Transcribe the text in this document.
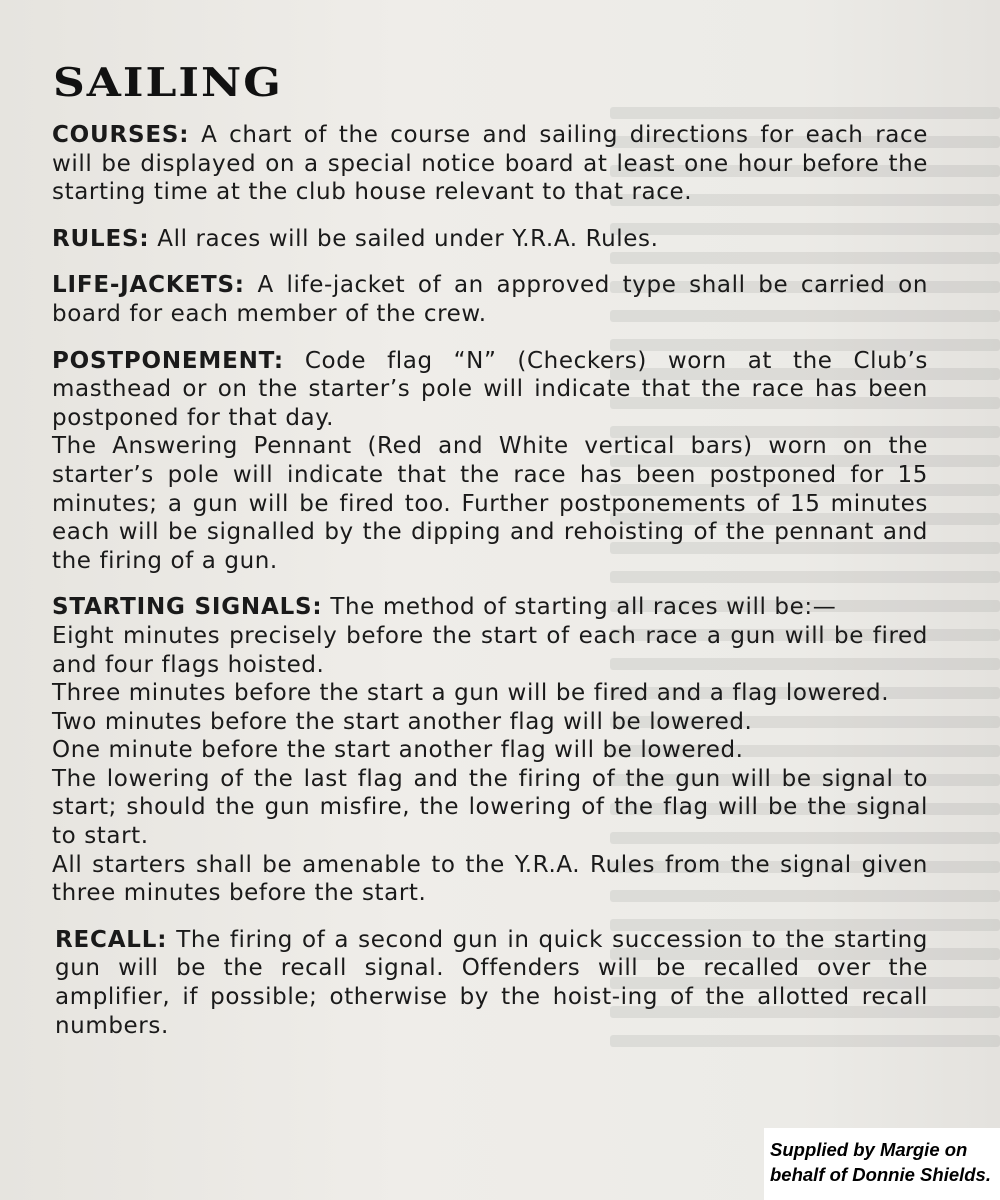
SAILING

COURSES: A chart of the course and sailing directions for each race will be displayed on a special notice board at least one hour before the starting time at the club house relevant to that race.

RULES: All races will be sailed under Y.R.A. Rules.

LIFE-JACKETS: A life-jacket of an approved type shall be carried on board for each member of the crew.

POSTPONEMENT: Code flag “N” (Checkers) worn at the Club’s masthead or on the starter’s pole will indicate that the race has been postponed for that day.

The Answering Pennant (Red and White vertical bars) worn on the starter’s pole will indicate that the race has been postponed for 15 minutes; a gun will be fired too. Further postponements of 15 minutes each will be signalled by the dipping and rehoisting of the pennant and the firing of a gun.

STARTING SIGNALS: The method of starting all races will be:—

Eight minutes precisely before the start of each race a gun will be fired and four flags hoisted.

Three minutes before the start a gun will be fired and a flag lowered.

Two minutes before the start another flag will be lowered.

One minute before the start another flag will be lowered.

The lowering of the last flag and the firing of the gun will be signal to start; should the gun misfire, the lowering of the flag will be the signal to start.

All starters shall be amenable to the Y.R.A. Rules from the signal given three minutes before the start.

RECALL: The firing of a second gun in quick succession to the starting gun will be the recall signal. Offenders will be recalled over the amplifier, if possible; otherwise by the hoist-ing of the allotted recall numbers.

Supplied by Margie on
behalf of Donnie Shields.
